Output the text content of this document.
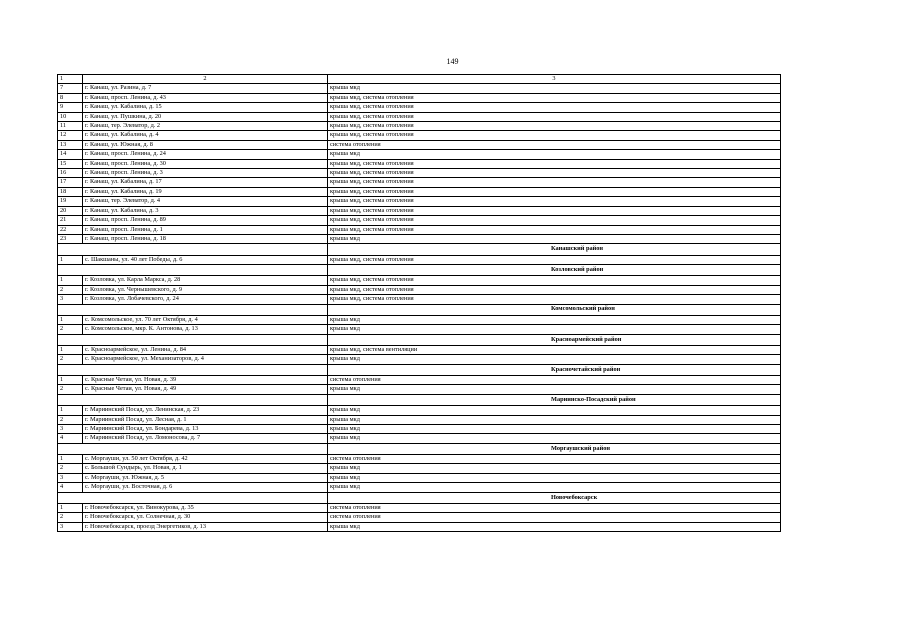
149
1	2	3
7	г. Канаш, ул. Разина, д. 7	крыша мкд
8	г. Канаш, просп. Ленина, д. 43	крыша мкд, система отопления
9	г. Канаш, ул. Кабалина, д. 15	крыша мкд, система отопления
10	г. Канаш, ул. Пушкина, д. 20	крыша мкд, система отопления
11	г. Канаш, тер. Элеватор, д. 2	крыша мкд, система отопления
12	г. Канаш, ул. Кабалина, д. 4	крыша мкд, система отопления
13	г. Канаш, ул. Южная, д. 8	система отопления
14	г. Канаш, просп. Ленина, д. 24	крыша мкд
15	г. Канаш, просп. Ленина, д. 30	крыша мкд, система отопления
16	г. Канаш, просп. Ленина, д. 3	крыша мкд, система отопления
17	г. Канаш, ул. Кабалина, д. 17	крыша мкд, система отопления
18	г. Канаш, ул. Кабалина, д. 19	крыша мкд, система отопления
19	г. Канаш, тер. Элеватор, д. 4	крыша мкд, система отопления
20	г. Канаш, ул. Кабалина, д. 3	крыша мкд, система отопления
21	г. Канаш, просп. Ленина, д. 89	крыша мкд, система отопления
22	г. Канаш, просп. Ленина, д. 1	крыша мкд, система отопления
23	г. Канаш, просп. Ленина, д. 18	крыша мкд
		Канашский район
1	с. Шакшаны, ул. 40 лет Победы, д. 6	крыша мкд, система отопления
		Козловский район
1	г. Козловка, ул. Карла Маркса, д. 28	крыша мкд, система отопления
2	г. Козловка, ул. Чернышевского, д. 9	крыша мкд, система отопления
3	г. Козловка, ул. Лобачевского, д. 24	крыша мкд, система отопления
		Комсомольский район
1	с. Комсомольское, ул. 70 лет Октября, д. 4	крыша мкд
2	с. Комсомольское, мкр. К. Антонова, д. 13	крыша мкд
		Красноармейский район
1	с. Красноармейское, ул. Ленина, д. 84	крыша мкд, система вентиляции
2	с. Красноармейское, ул. Механизаторов, д. 4	крыша мкд
		Красночетайский район
1	с. Красные Четаи, ул. Новая, д. 39	система отопления
2	с. Красные Четаи, ул. Новая, д. 49	крыша мкд
		Мариинско-Посадский район
1	г. Мариинский Посад, ул. Ленинская, д. 23	крыша мкд
2	г. Мариинский Посад, ул. Лесная, д. 1	крыша мкд
3	г. Мариинский Посад, ул. Бондарева, д. 13	крыша мкд
4	г. Мариинский Посад, ул. Ломоносова, д. 7	крыша мкд
		Моргаушский район
1	с. Моргауши, ул. 50 лет Октября, д. 42	система отопления
2	с. Большой Сундырь, ул. Новая, д. 1	крыша мкд
3	с. Моргауши, ул. Южная, д. 5	крыша мкд
4	с. Моргауши, ул. Восточная, д. 6	крыша мкд
		Новочебоксарск
1	г. Новочебоксарск, ул. Винокурова, д. 35	система отопления
2	г. Новочебоксарск, ул. Солнечная, д. 30	система отопления
3	г. Новочебоксарск, проезд Энергетиков, д. 13	крыша мкд
